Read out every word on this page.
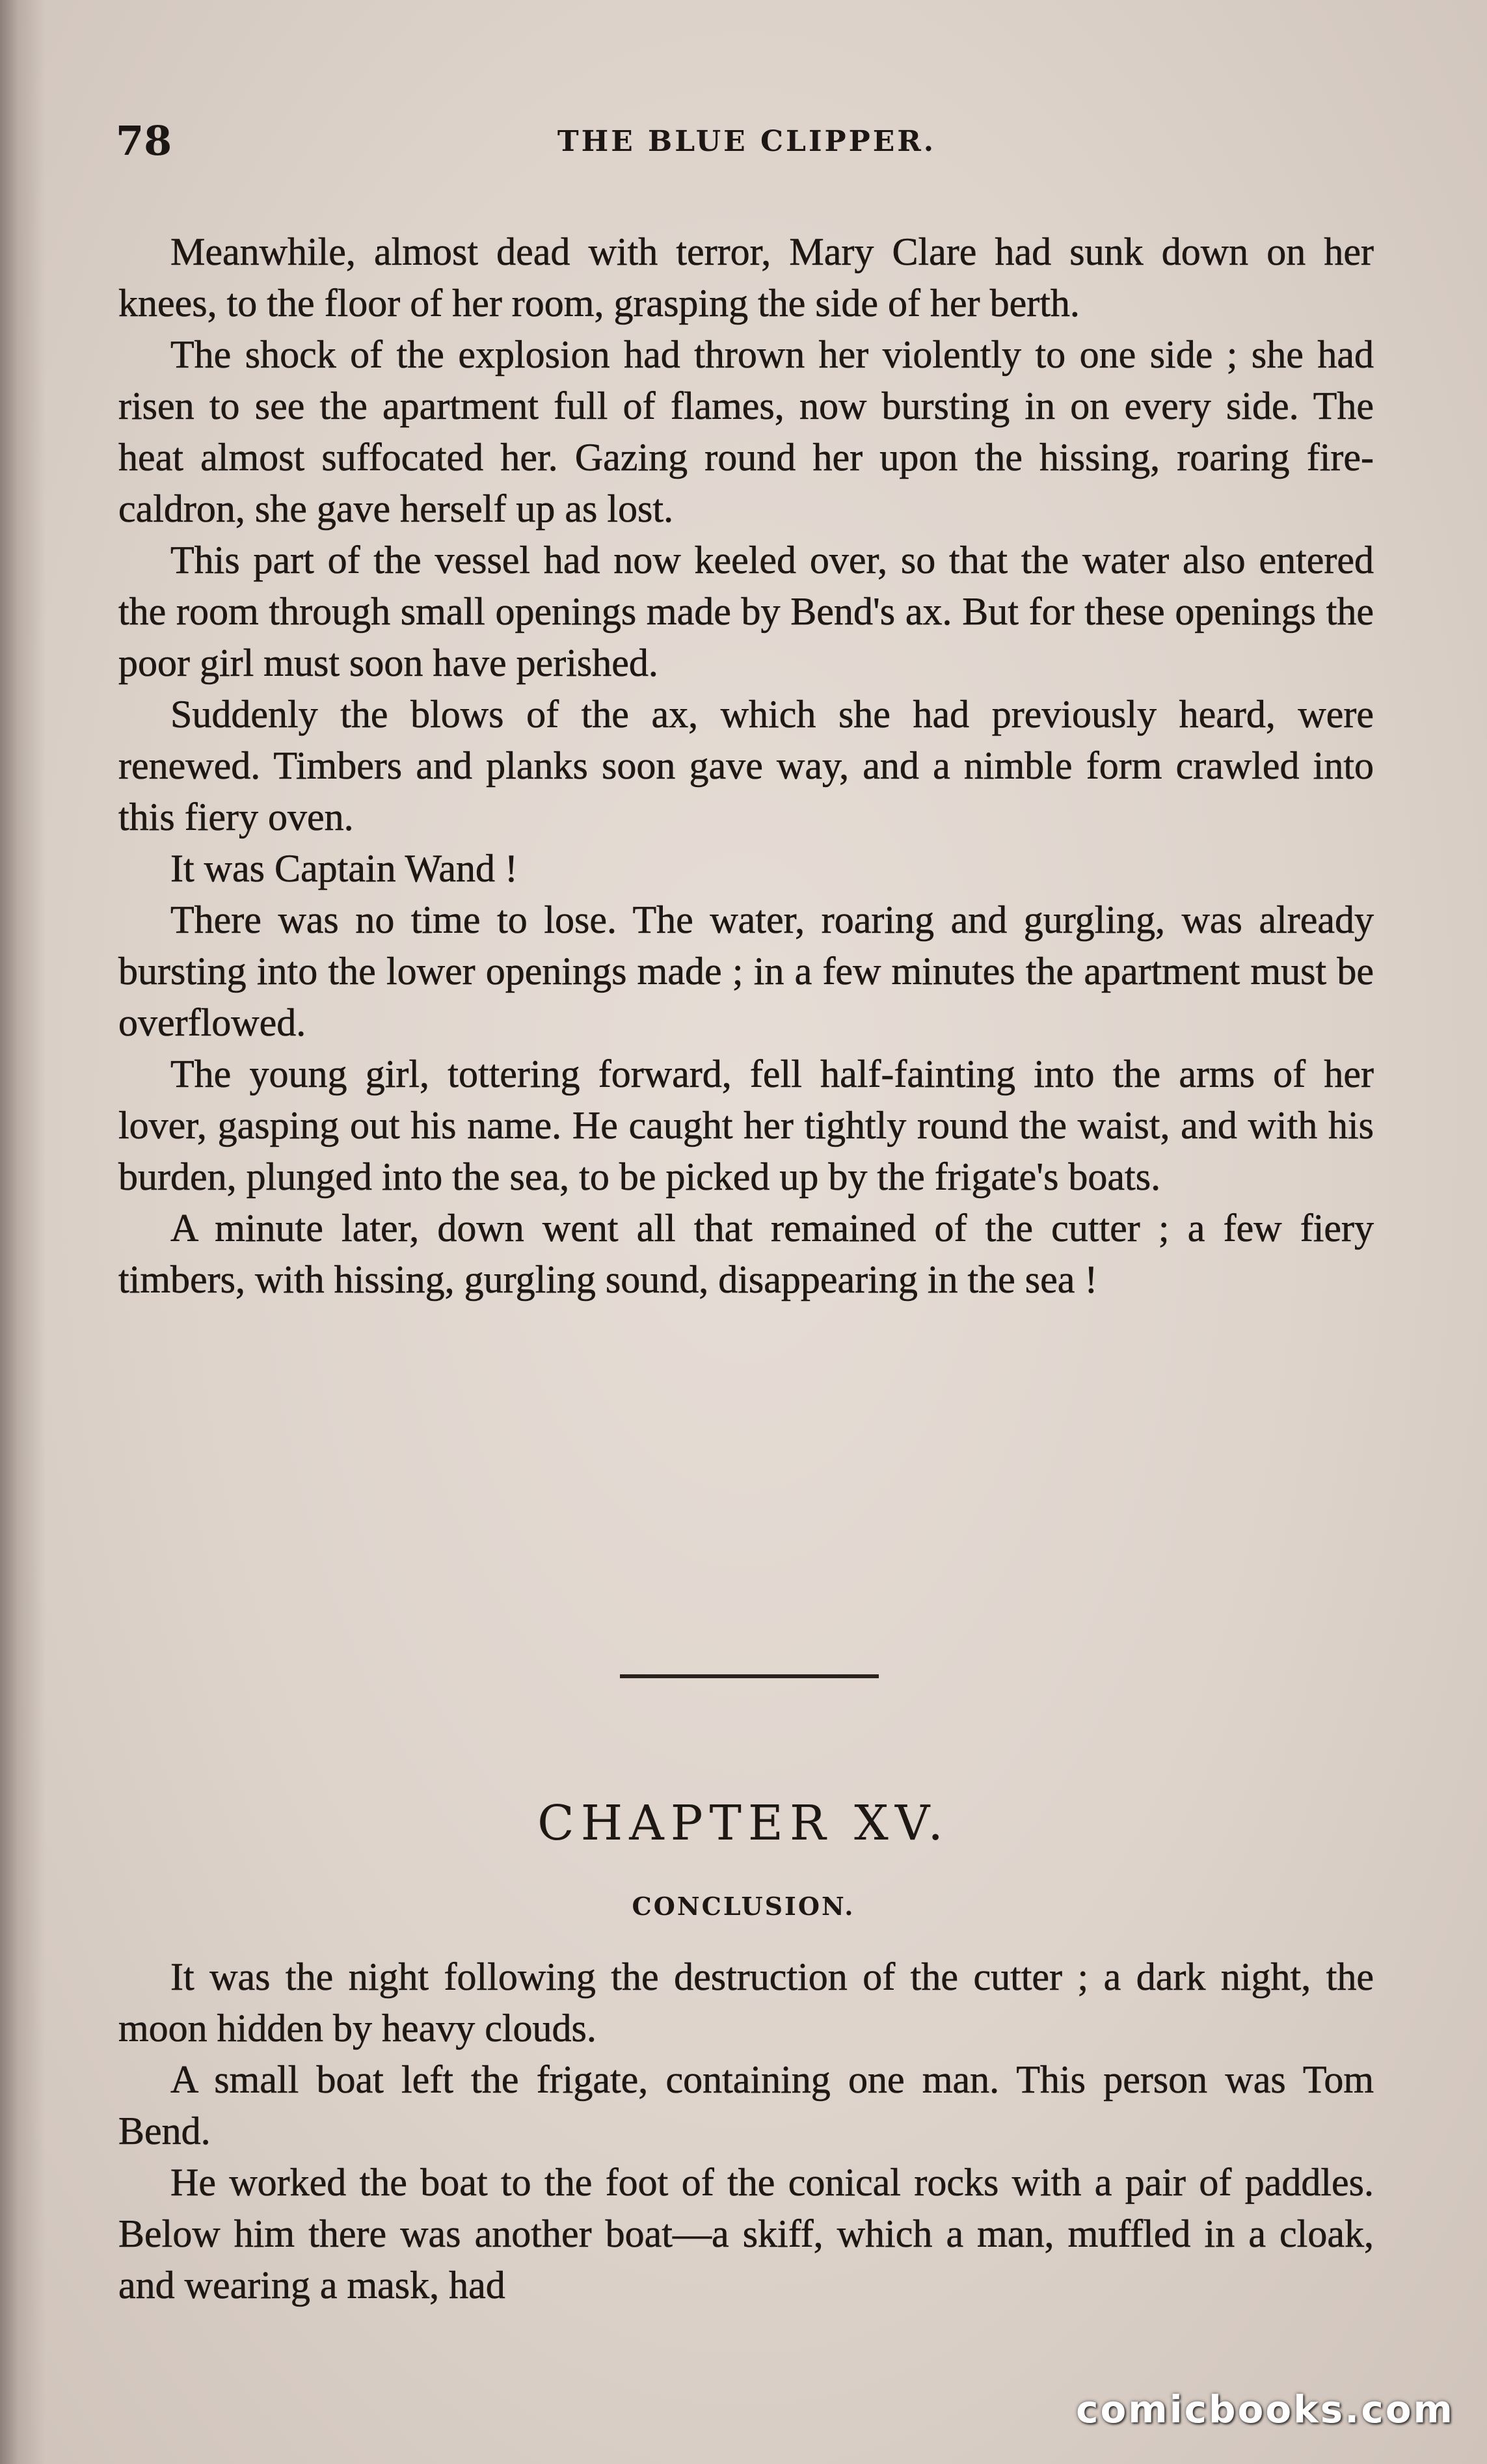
78	THE BLUE CLIPPER.

Meanwhile, almost dead with terror, Mary Clare had sunk down on her knees, to the floor of her room, grasping the side of her berth.

The shock of the explosion had thrown her violently to one side ; she had risen to see the apartment full of flames, now bursting in on every side. The heat almost suffocated her. Gazing round her upon the hissing, roaring fire-caldron, she gave herself up as lost.

This part of the vessel had now keeled over, so that the water also entered the room through small openings made by Bend's ax. But for these openings the poor girl must soon have perished.

Suddenly the blows of the ax, which she had previously heard, were renewed. Timbers and planks soon gave way, and a nimble form crawled into this fiery oven.

It was Captain Wand !

There was no time to lose. The water, roaring and gurgling, was already bursting into the lower openings made ; in a few minutes the apartment must be overflowed.

The young girl, tottering forward, fell half-fainting into the arms of her lover, gasping out his name. He caught her tightly round the waist, and with his burden, plunged into the sea, to be picked up by the frigate's boats.

A minute later, down went all that remained of the cutter ; a few fiery timbers, with hissing, gurgling sound, disappearing in the sea !

CHAPTER XV.
CONCLUSION.

It was the night following the destruction of the cutter ; a dark night, the moon hidden by heavy clouds.

A small boat left the frigate, containing one man. This person was Tom Bend.

He worked the boat to the foot of the conical rocks with a pair of paddles. Below him there was another boat—a skiff, which a man, muffled in a cloak, and wearing a mask, had

comicbooks.com
